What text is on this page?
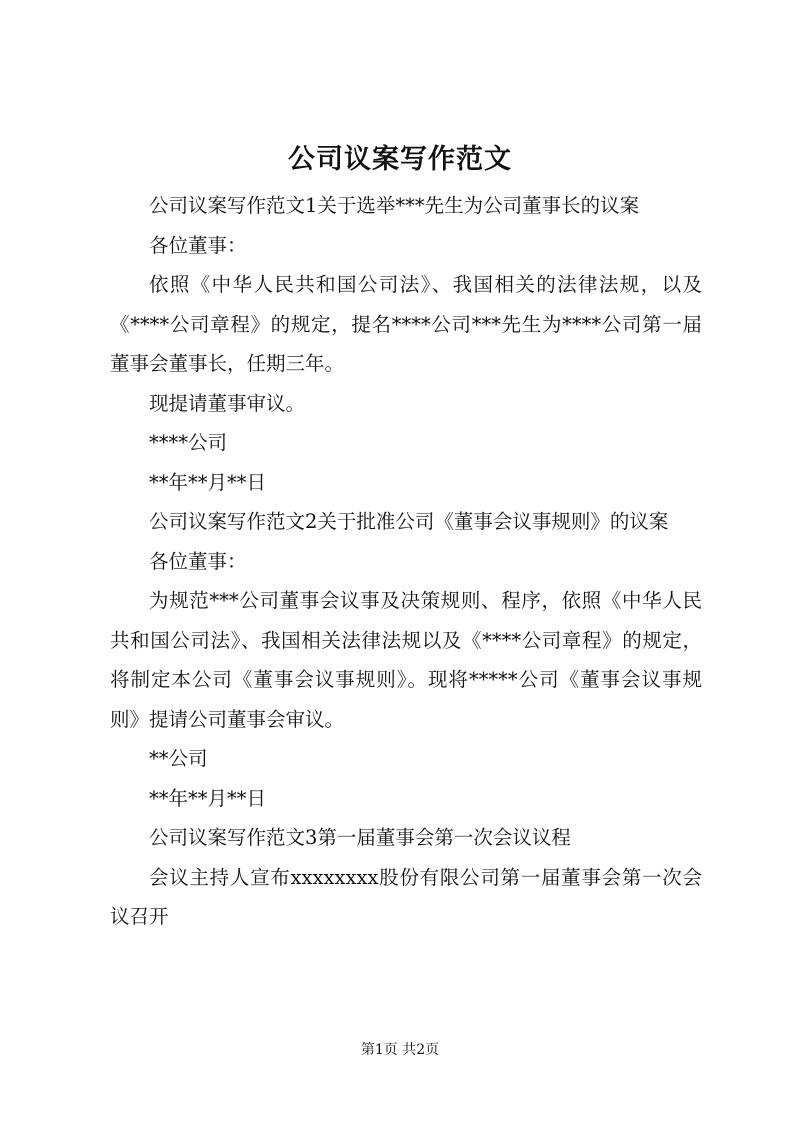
公司议案写作范文

公司议案写作范文1关于选举***先生为公司董事长的议案

各位董事：

依照《中华人民共和国公司法》、我国相关的法律法规，以及《****公司章程》的规定，提名****公司***先生为****公司第一届董事会董事长，任期三年。

现提请董事审议。

****公司

**年**月**日

公司议案写作范文2关于批准公司《董事会议事规则》的议案

各位董事：

为规范***公司董事会议事及决策规则、程序，依照《中华人民共和国公司法》、我国相关法律法规以及《****公司章程》的规定，将制定本公司《董事会议事规则》。现将*****公司《董事会议事规则》提请公司董事会审议。

**公司

**年**月**日

公司议案写作范文3第一届董事会第一次会议议程

会议主持人宣布xxxxxxxx股份有限公司第一届董事会第一次会议召开

第1页 共2页
